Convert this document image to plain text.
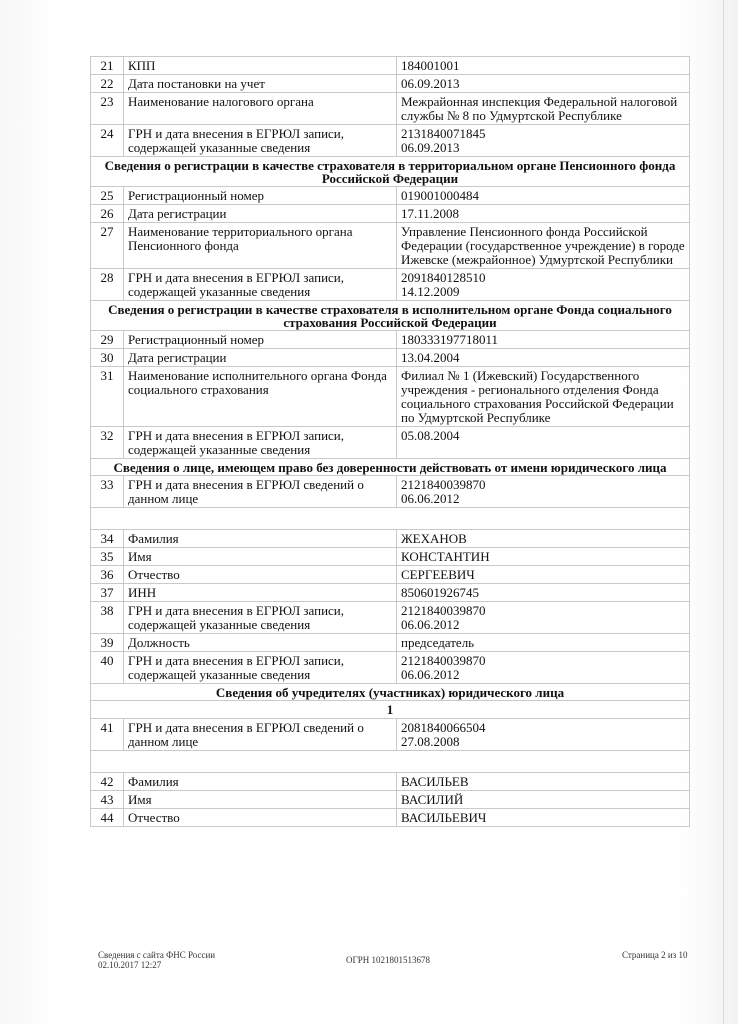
21	КПП	184001001

22	Дата постановки на учет	06.09.2013

23	Наименование налогового органа	Межрайонная инспекция Федеральной налоговой службы № 8 по Удмуртской Республике

24	ГРН и дата внесения в ЕГРЮЛ записи, содержащей указанные сведения	2131840071845
06.09.2013

Сведения о регистрации в качестве страхователя в территориальном органе Пенсионного фонда Российской Федерации		
25	Регистрационный номер	019001000484

26	Дата регистрации	17.11.2008

27	Наименование территориального органа Пенсионного фонда	Управление Пенсионного фонда Российской Федерации (государственное учреждение) в городе Ижевске (межрайонное) Удмуртской Республики

28	ГРН и дата внесения в ЕГРЮЛ записи, содержащей указанные сведения	2091840128510
14.12.2009

Сведения о регистрации в качестве страхователя в исполнительном органе Фонда социального страхования Российской Федерации		
29	Регистрационный номер	180333197718011

30	Дата регистрации	13.04.2004

31	Наименование исполнительного органа Фонда социального страхования	Филиал № 1 (Ижевский) Государственного учреждения - регионального отделения Фонда социального страхования Российской Федерации по Удмуртской Республике

32	ГРН и дата внесения в ЕГРЮЛ записи, содержащей указанные сведения	05.08.2004

Сведения о лице, имеющем право без доверенности действовать от имени юридического лица		
33	ГРН и дата внесения в ЕГРЮЛ сведений о данном лице	2121840039870
06.06.2012

34	Фамилия	ЖЕХАНОВ

35	Имя	КОНСТАНТИН

36	Отчество	СЕРГЕЕВИЧ

37	ИНН	850601926745

38	ГРН и дата внесения в ЕГРЮЛ записи, содержащей указанные сведения	2121840039870
06.06.2012

39	Должность	председатель

40	ГРН и дата внесения в ЕГРЮЛ записи, содержащей указанные сведения	2121840039870
06.06.2012

Сведения об учредителях (участниках) юридического лица		
1		
41	ГРН и дата внесения в ЕГРЮЛ сведений о данном лице	2081840066504
27.08.2008

42	Фамилия	ВАСИЛЬЕВ

43	Имя	ВАСИЛИЙ

44	Отчество	ВАСИЛЬЕВИЧ
Сведения с сайта ФНС России
02.10.2017 12:27	ОГРН 1021801513678	Страница 2 из 10
